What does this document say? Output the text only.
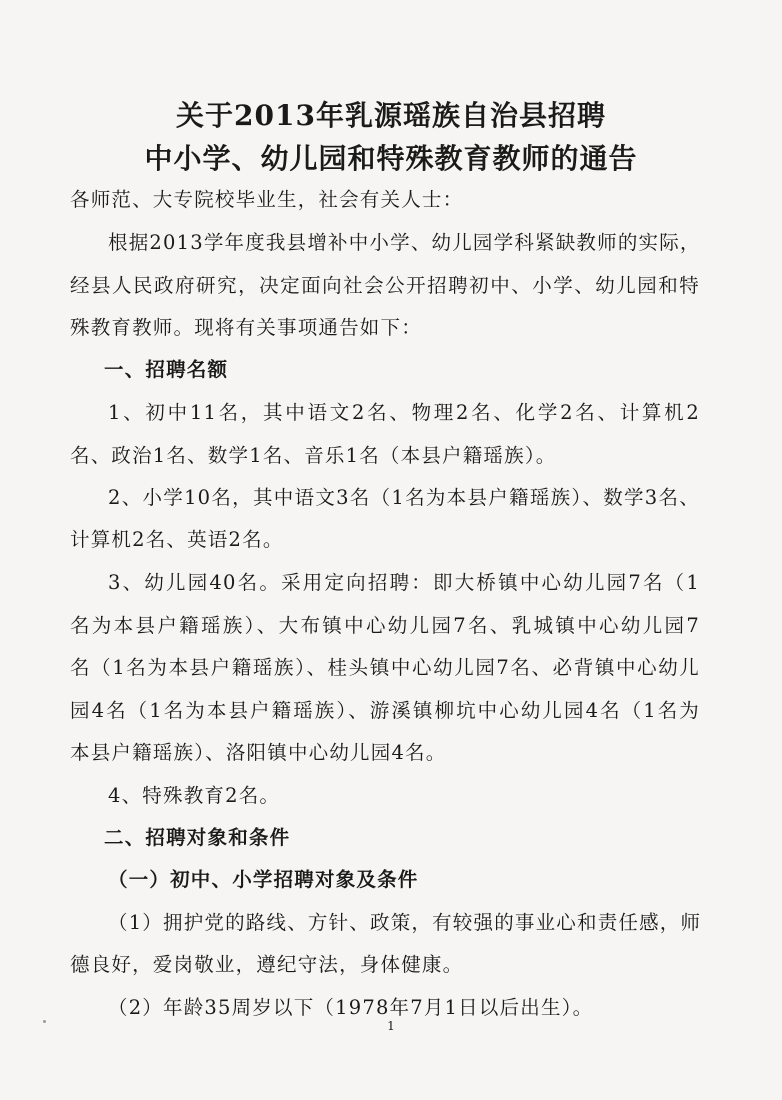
关于2013年乳源瑶族自治县招聘
中小学、幼儿园和特殊教育教师的通告
各师范、大专院校毕业生，社会有关人士：
根据2013学年度我县增补中小学、幼儿园学科紧缺教师的实际，
经县人民政府研究，决定面向社会公开招聘初中、小学、幼儿园和特
殊教育教师。现将有关事项通告如下：
一、招聘名额
1、初中11名，其中语文2名、物理2名、化学2名、计算机2
名、政治1名、数学1名、音乐1名（本县户籍瑶族）。
2、小学10名，其中语文3名（1名为本县户籍瑶族）、数学3名、
计算机2名、英语2名。
3、幼儿园40名。采用定向招聘：即大桥镇中心幼儿园7名（1
名为本县户籍瑶族）、大布镇中心幼儿园7名、乳城镇中心幼儿园7
名（1名为本县户籍瑶族）、桂头镇中心幼儿园7名、必背镇中心幼儿
园4名（1名为本县户籍瑶族）、游溪镇柳坑中心幼儿园4名（1名为
本县户籍瑶族）、洛阳镇中心幼儿园4名。
4、特殊教育2名。
二、招聘对象和条件
（一）初中、小学招聘对象及条件
（1）拥护党的路线、方针、政策，有较强的事业心和责任感，师
德良好，爱岗敬业，遵纪守法，身体健康。
（2）年龄35周岁以下（1978年7月1日以后出生）。
1
